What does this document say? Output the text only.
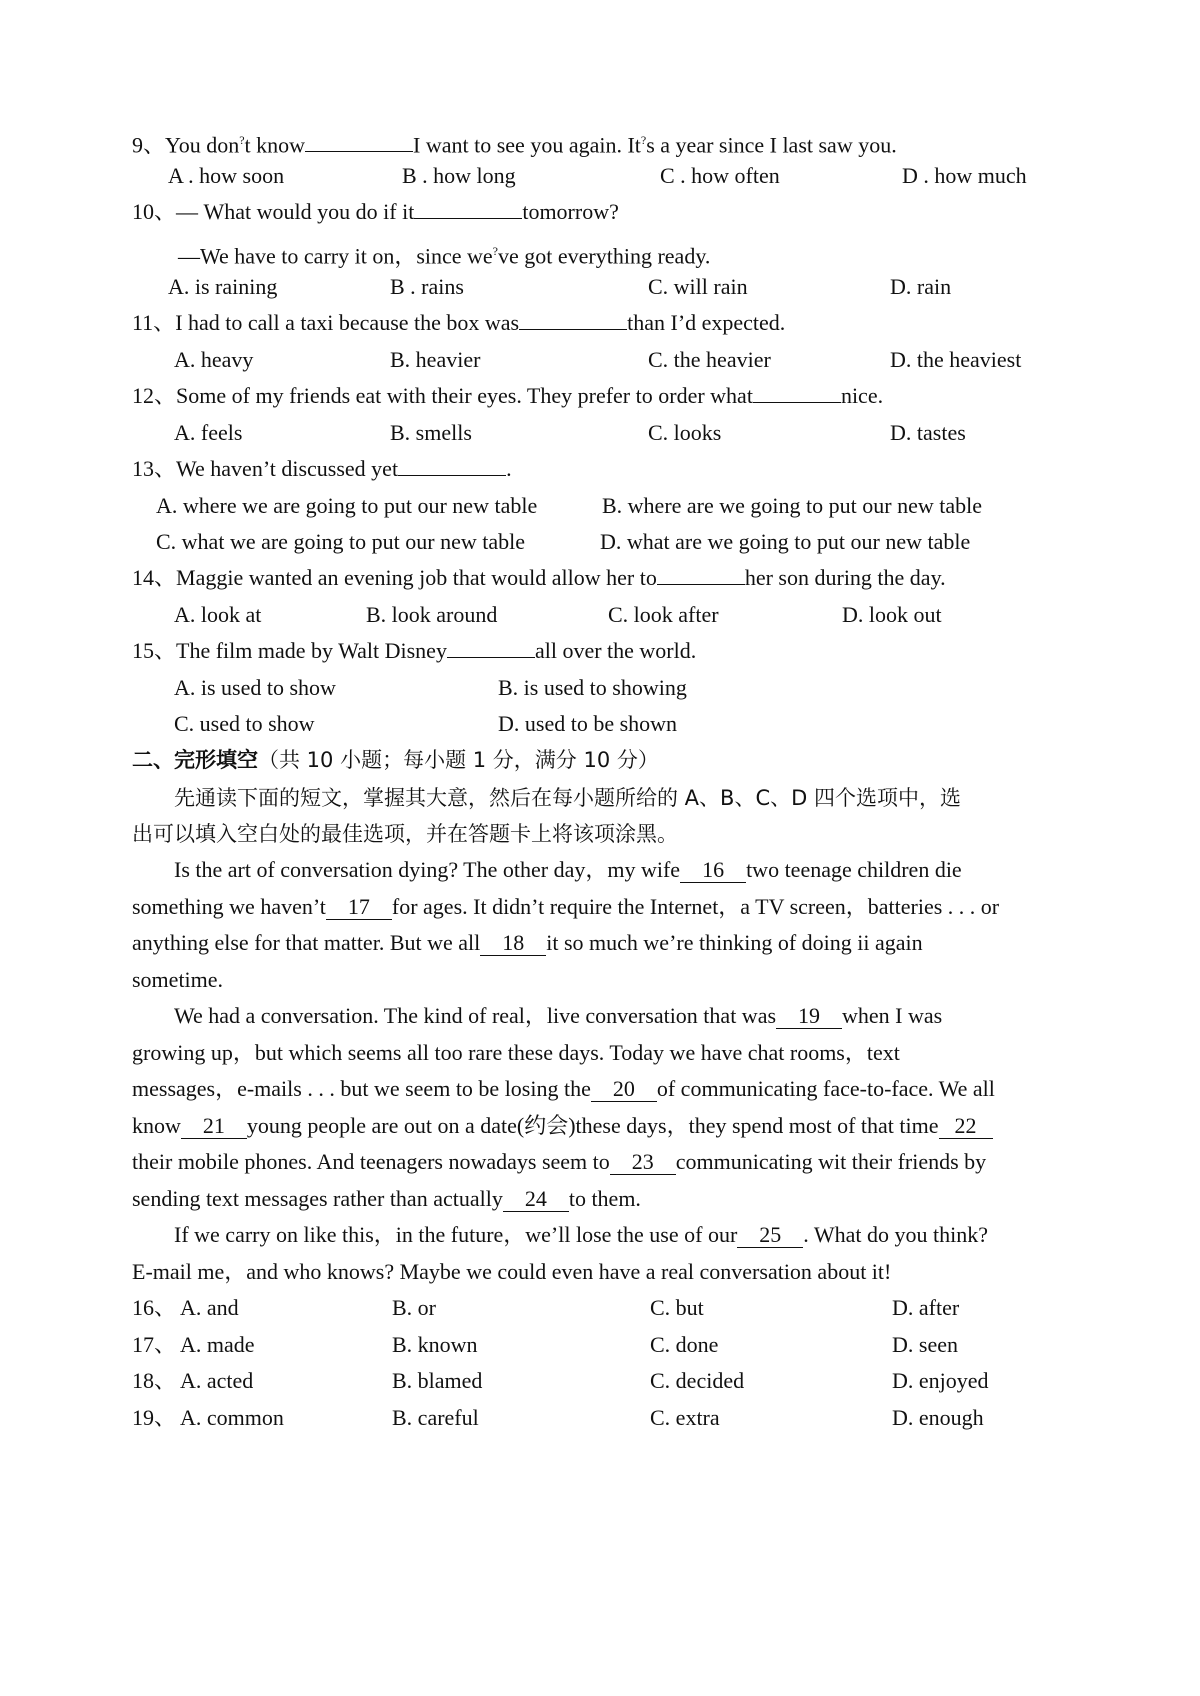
9、You don?t know	I want to see you again. It?s a year since I last saw you.
A . how soon	B . how long	C . how often	D . how much
10、— What would you do if it	tomorrow?
—We have to carry it on，since we?ve got everything ready.
A. is raining	B . rains	C. will rain	D. rain
11、I had to call a taxi because the box was	than I’d expected.
A. heavy	B. heavier	C. the heavier	D. the heaviest
12、Some of my friends eat with their eyes. They prefer to order what	nice.
A. feels	B. smells	C. looks	D. tastes
13、We haven’t discussed yet	.
A. where we are going to put our new table	B. where are we going to put our new table
C. what we are going to put our new table	D. what are we going to put our new table
14、Maggie wanted an evening job that would allow her to	her son during the day.
A. look at	B. look around	C. look after	D. look out
15、The film made by Walt Disney	all over the world.
A. is used to show	B. is used to showing
C. used to show	D. used to be shown
二、完形填空（共 10 小题；每小题 1 分，满分 10 分）
先通读下面的短文，掌握其大意，然后在每小题所给的 A、B、C、D 四个选项中，选
出可以填入空白处的最佳选项，并在答题卡上将该项涂黑。
Is the art of conversation dying? The other day，my wife 16 two teenage children die
something we haven’t 17 for ages. It didn’t require the Internet，a TV screen，batteries . . . or
anything else for that matter. But we all 18 it so much we’re thinking of doing ii again
sometime.
We had a conversation. The kind of real，live conversation that was 19 when I was
growing up，but which seems all too rare these days. Today we have chat rooms，text
messages，e-mails . . . but we seem to be losing the 20 of communicating face-to-face. We all
know 21 young people are out on a date(约会)these days，they spend most of that time 22
their mobile phones. And teenagers nowadays seem to 23 communicating wit their friends by
sending text messages rather than actually 24 to them.
If we carry on like this，in the future，we’ll lose the use of our 25 . What do you think?
E-mail me，and who knows? Maybe we could even have a real conversation about it!
16、 A. and	B. or	C. but	D. after
17、 A. made	B. known	C. done	D. seen
18、 A. acted	B. blamed	C. decided	D. enjoyed
19、 A. common	B. careful	C. extra	D. enough
